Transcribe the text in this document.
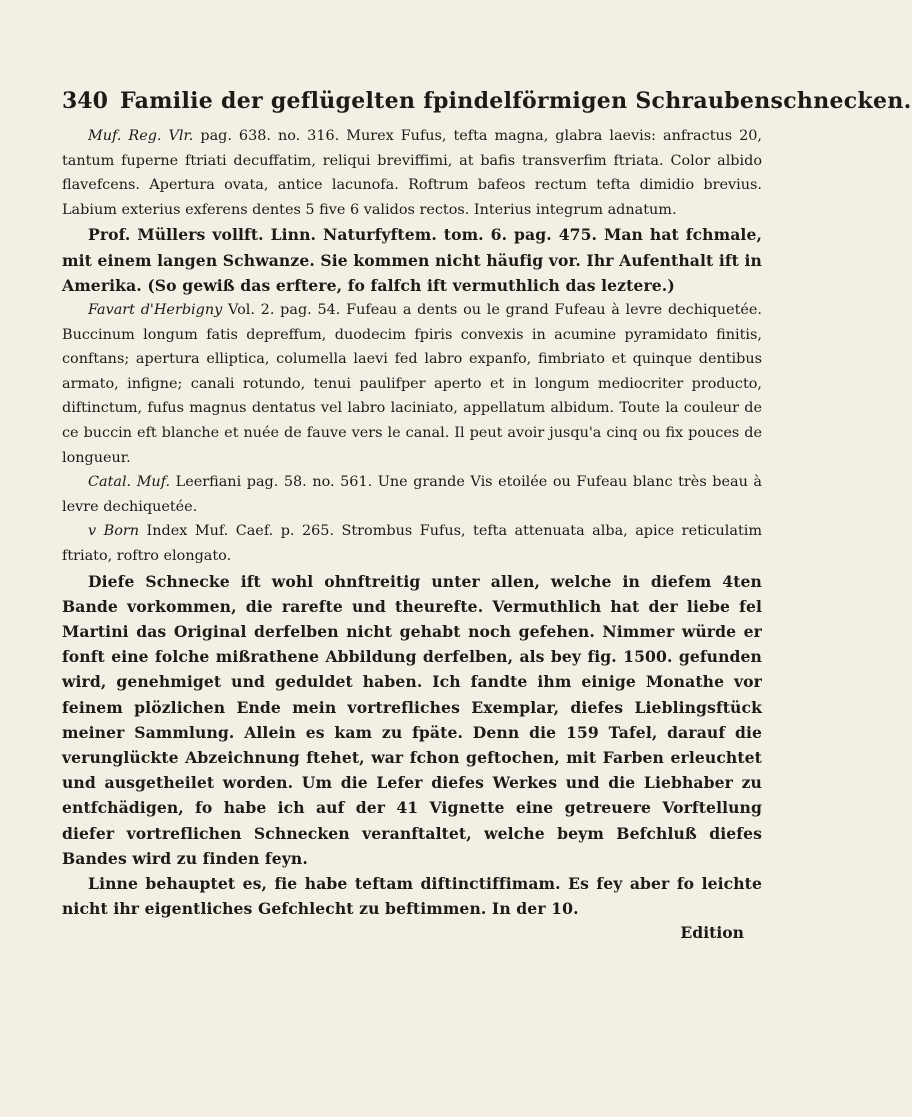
340 Familie der geflügelten fpindelförmigen Schraubenschnecken.

Muf. Reg. Vlr. pag. 638. no. 316. Murex Fufus, tefta magna, glabra laevis: anfractus 20, tantum fuperne ftriati decuffatim, reliqui breviffimi, at bafis transverfim ftriata. Color albido flavefcens. Apertura ovata, antice lacunofa. Roftrum bafeos rectum tefta dimidio brevius. Labium exterius exferens dentes 5 five 6 validos rectos. Interius integrum adnatum.

Prof. Müllers vollft. Linn. Naturfyftem. tom. 6. pag. 475. Man hat fchmale, mit einem langen Schwanze. Sie kommen nicht häufig vor. Ihr Aufenthalt ift in Amerika. (So gewiß das erftere, fo falfch ift vermuthlich das leztere.)

Favart d'Herbigny Vol. 2. pag. 54. Fufeau a dents ou le grand Fufeau à levre dechiquetée. Buccinum longum fatis depreffum, duodecim fpiris convexis in acumine pyramidato finitis, conftans; apertura elliptica, columella laevi fed labro expanfo, fimbriato et quinque dentibus armato, infigne; canali rotundo, tenui paulifper aperto et in longum mediocriter producto, diftinctum, fufus magnus dentatus vel labro laciniato, appellatum albidum. Toute la couleur de ce buccin eft blanche et nuée de fauve vers le canal. Il peut avoir jusqu'a cinq ou fix pouces de longueur.

Catal. Muf. Leerfiani pag. 58. no. 561. Une grande Vis etoilée ou Fufeau blanc très beau à levre dechiquetée.

v Born Index Muf. Caef. p. 265. Strombus Fufus, tefta attenuata alba, apice reticulatim ftriato, roftro elongato.

Diefe Schnecke ift wohl ohnftreitig unter allen, welche in diefem 4ten Bande vorkommen, die rarefte und theurefte. Vermuthlich hat der liebe fel Martini das Original derfelben nicht gehabt noch gefehen. Nimmer würde er fonft eine folche mißrathene Abbildung derfelben, als bey fig. 1500. gefunden wird, genehmiget und geduldet haben. Ich fandte ihm einige Monathe vor feinem plözlichen Ende mein vortrefliches Exemplar, diefes Lieblingsftück meiner Sammlung. Allein es kam zu fpäte. Denn die 159 Tafel, darauf die verunglückte Abzeichnung ftehet, war fchon geftochen, mit Farben erleuchtet und ausgetheilet worden. Um die Lefer diefes Werkes und die Liebhaber zu entfchädigen, fo habe ich auf der 41 Vignette eine getreuere Vorftellung diefer vortreflichen Schnecken veranftaltet, welche beym Befchluß diefes Bandes wird zu finden feyn.

Linne behauptet es, fie habe teftam diftinctiffimam. Es fey aber fo leichte nicht ihr eigentliches Gefchlecht zu beftimmen. In der 10.

Edition
